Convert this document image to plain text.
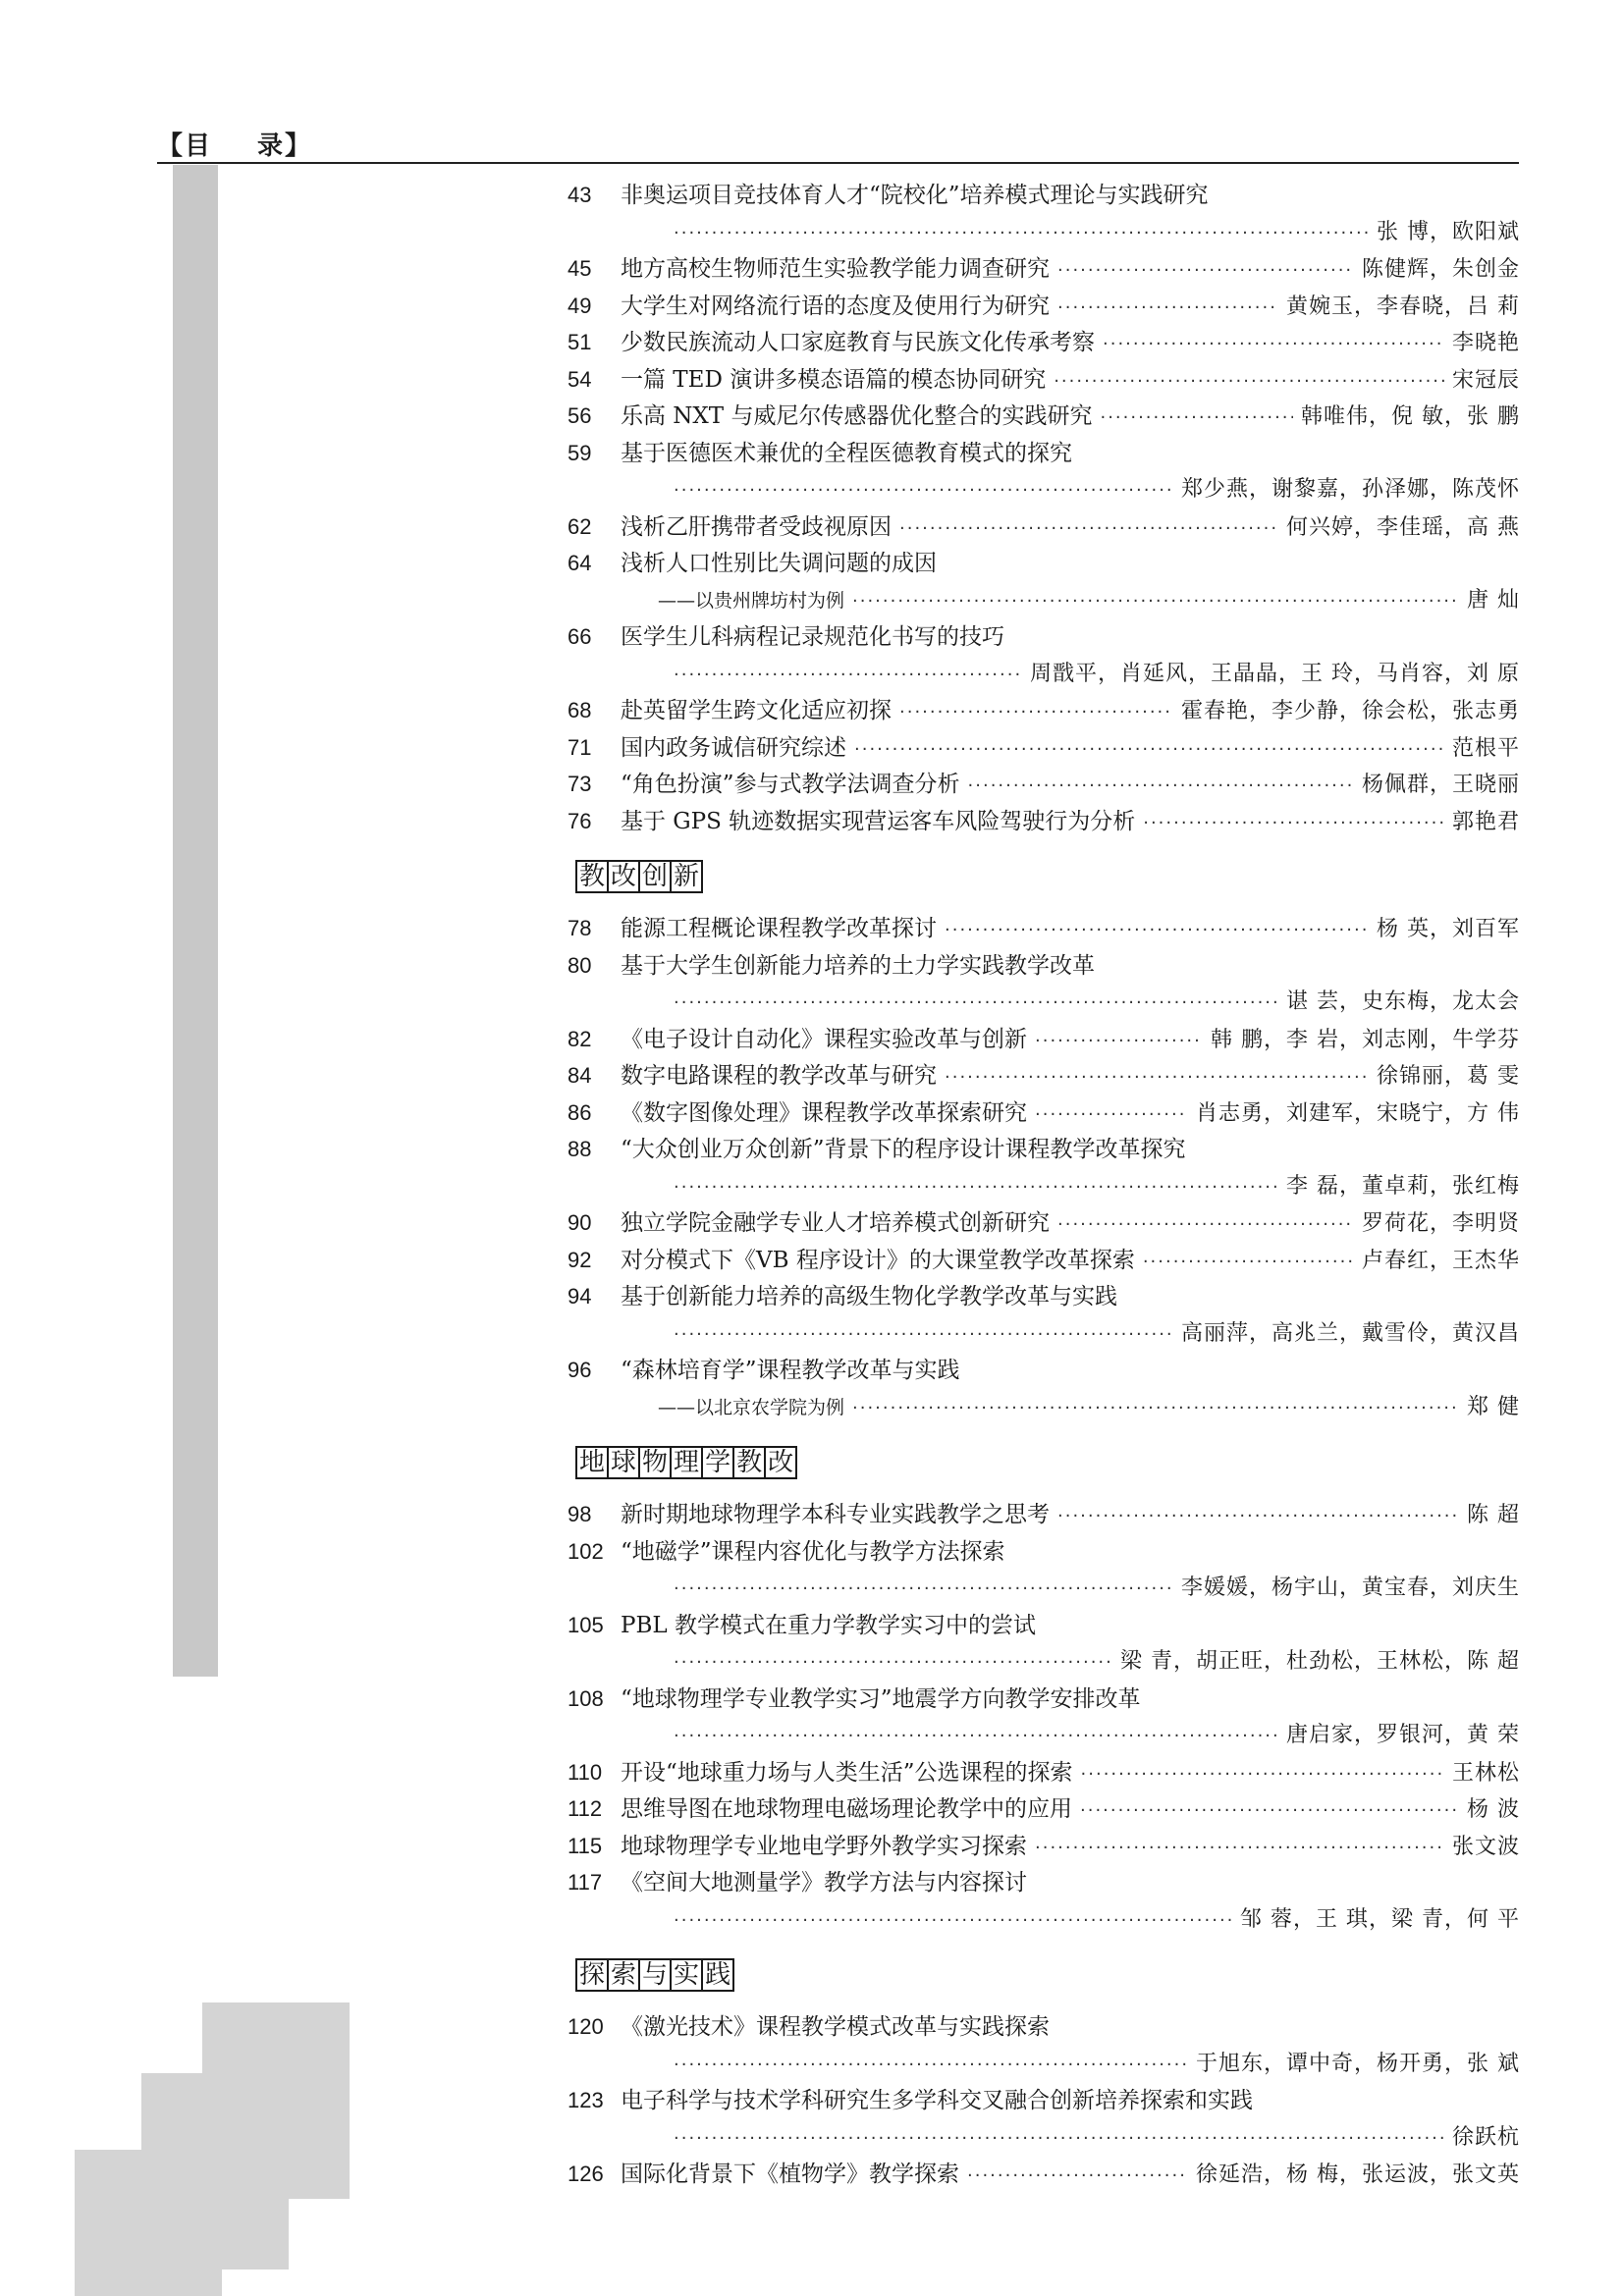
【目 录】
43	非奥运项目竞技体育人才“院校化”培养模式理论与实践研究
·····
张 博，欧阳斌
45	地方高校生物师范生实验教学能力调查研究 ·····	陈健辉，朱创金
49	大学生对网络流行语的态度及使用行为研究 ·····	黄婉玉，李春晓，吕 莉
51	少数民族流动人口家庭教育与民族文化传承考察 ·····	李晓艳
54	一篇 TED 演讲多模态语篇的模态协同研究 ·····	宋冠辰
56	乐高 NXT 与威尼尔传感器优化整合的实践研究 ·····	韩唯伟，倪 敏，张 鹏
59	基于医德医术兼优的全程医德教育模式的探究
·····
郑少燕，谢黎嘉，孙泽娜，陈茂怀
62	浅析乙肝携带者受歧视原因 ·····	何兴婷，李佳瑶，高 燕
64	浅析人口性别比失调问题的成因
——以贵州牌坊村为例 ·····	唐 灿
66	医学生儿科病程记录规范化书写的技巧
·····
周戬平，肖延风，王晶晶，王 玲，马肖容，刘 原
68	赴英留学生跨文化适应初探 ·····	霍春艳，李少静，徐会松，张志勇
71	国内政务诚信研究综述 ·····	范根平
73	“角色扮演”参与式教学法调查分析 ·····	杨佩群，王晓丽
76	基于 GPS 轨迹数据实现营运客车风险驾驶行为分析 ·····	郭艳君
教 改 创 新
78	能源工程概论课程教学改革探讨 ·····	杨 英，刘百军
80	基于大学生创新能力培养的土力学实践教学改革
·····
谌 芸，史东梅，龙太会
82	《电子设计自动化》课程实验改革与创新 ·····	韩 鹏，李 岩，刘志刚，牛学芬
84	数字电路课程的教学改革与研究 ·····	徐锦丽，葛 雯
86	《数字图像处理》课程教学改革探索研究 ·····	肖志勇，刘建军，宋晓宁，方 伟
88	“大众创业万众创新”背景下的程序设计课程教学改革探究
·····
李 磊，董卓莉，张红梅
90	独立学院金融学专业人才培养模式创新研究 ·····	罗荷花，李明贤
92	对分模式下《VB 程序设计》的大课堂教学改革探索 ·····	卢春红，王杰华
94	基于创新能力培养的高级生物化学教学改革与实践
·····
高丽萍，高兆兰，戴雪伶，黄汉昌
96	“森林培育学”课程教学改革与实践
——以北京农学院为例 ·····	郑 健
地 球 物 理 学 教 改
98	新时期地球物理学本科专业实践教学之思考 ·····	陈 超
102 “地磁学”课程内容优化与教学方法探索
·····
李媛媛，杨宇山，黄宝春，刘庆生
105 PBL 教学模式在重力学教学实习中的尝试
·····
梁 青，胡正旺，杜劲松，王林松，陈 超
108 “地球物理学专业教学实习”地震学方向教学安排改革
·····
唐启家，罗银河，黄 荣
110 开设“地球重力场与人类生活”公选课程的探索 ·····	王林松
112 思维导图在地球物理电磁场理论教学中的应用 ·····	杨 波
115 地球物理学专业地电学野外教学实习探索 ·····	张文波
117 《空间大地测量学》教学方法与内容探讨
·····
邹 蓉，王 琪，梁 青，何 平
探 索 与 实 践
120 《激光技术》课程教学模式改革与实践探索
·····
于旭东，谭中奇，杨开勇，张 斌
123 电子科学与技术学科研究生多学科交叉融合创新培养探索和实践
·····
徐跃杭
126 国际化背景下《植物学》教学探索 ·····	徐延浩，杨 梅，张运波，张文英
